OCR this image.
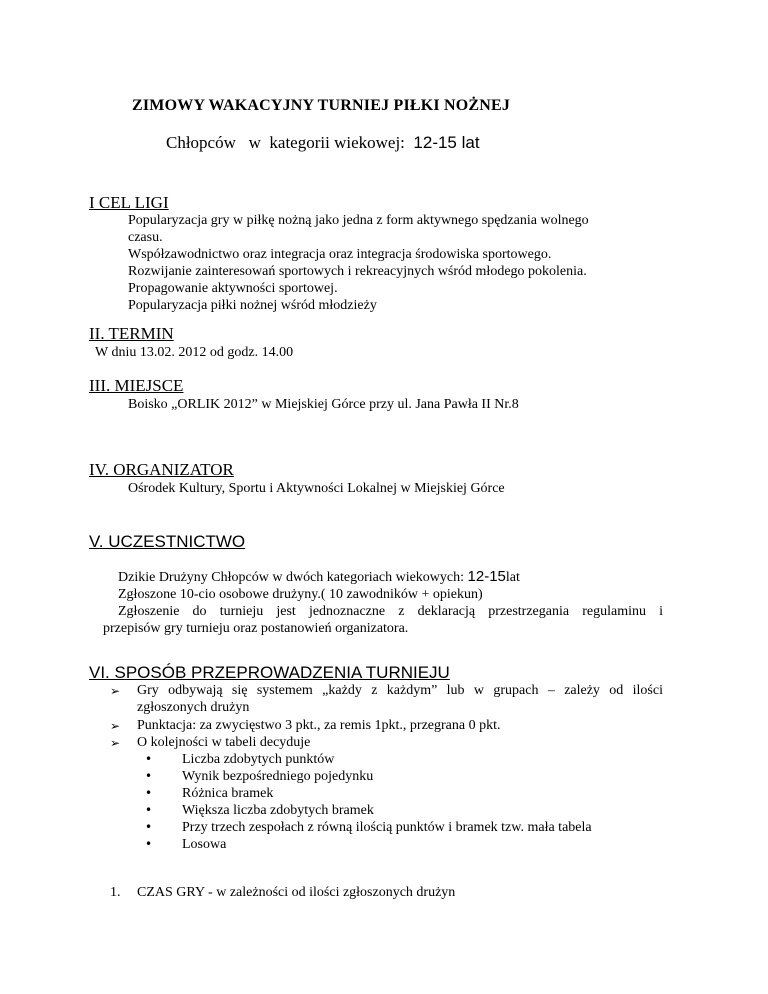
ZIMOWY WAKACYJNY TURNIEJ PIŁKI NOŻNEJ
Chłopców   w  kategorii wiekowej:  12-15 lat
I CEL LIGI
Popularyzacja gry w piłkę nożną jako jedna z form aktywnego spędzania wolnego
czasu.
Współzawodnictwo oraz integracja oraz integracja środowiska sportowego.
Rozwijanie zainteresowań sportowych i rekreacyjnych wśród młodego pokolenia.
Propagowanie aktywności sportowej.
Popularyzacja piłki nożnej wśród młodzieży
II. TERMIN
W dniu 13.02. 2012 od godz. 14.00
III. MIEJSCE
Boisko „ORLIK 2012” w Miejskiej Górce przy ul. Jana Pawła II Nr.8
IV. ORGANIZATOR
Ośrodek Kultury, Sportu i Aktywności Lokalnej w Miejskiej Górce
V. UCZESTNICTWO
Dzikie Drużyny Chłopców w dwóch kategoriach wiekowych: 12-15lat
Zgłoszone 10-cio osobowe drużyny.( 10 zawodników + opiekun)
Zgłoszenie do turnieju jest jednoznaczne z deklaracją przestrzegania regulaminu i
przepisów gry turnieju oraz postanowień organizatora.
VI. SPOSÓB PRZEPROWADZENIA TURNIEJU
➢ Gry odbywają się systemem „każdy z każdym” lub w grupach – zależy od ilości
zgłoszonych drużyn
➢ Punktacja: za zwycięstwo 3 pkt., za remis 1pkt., przegrana 0 pkt.
➢ O kolejności w tabeli decyduje
• Liczba zdobytych punktów
• Wynik bezpośredniego pojedynku
• Różnica bramek
• Większa liczba zdobytych bramek
• Przy trzech zespołach z równą ilością punktów i bramek tzw. mała tabela
• Losowa
1. CZAS GRY - w zależności od ilości zgłoszonych drużyn
